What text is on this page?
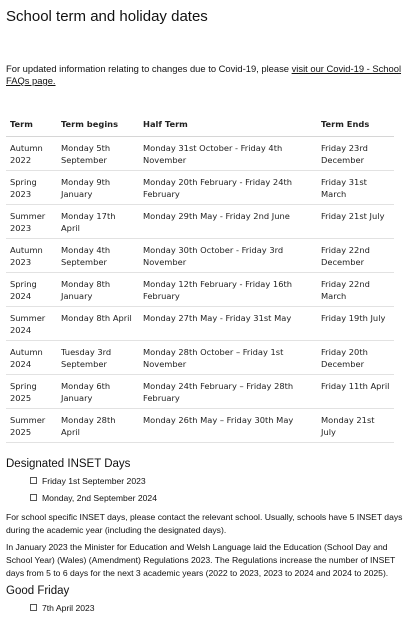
School term and holiday dates
For updated information relating to changes due to Covid-19, please visit our Covid-19 - School FAQs page.
Term	Term begins	Half Term	Term Ends
Autumn 2022	Monday 5th September	Monday 31st October - Friday 4th November	Friday 23rd December
Spring 2023	Monday 9th January	Monday 20th February - Friday 24th February	Friday 31st March
Summer 2023	Monday 17th April	Monday 29th May - Friday 2nd June	Friday 21st July
Autumn 2023	Monday 4th September	Monday 30th October - Friday 3rd November	Friday 22nd December
Spring 2024	Monday 8th January	Monday 12th February - Friday 16th February	Friday 22nd March
Summer 2024	Monday 8th April	Monday 27th May - Friday 31st May	Friday 19th July
Autumn 2024	Tuesday 3rd September	Monday 28th October – Friday 1st November	Friday 20th December
Spring 2025	Monday 6th January	Monday 24th February – Friday 28th February	Friday 11th April
Summer 2025	Monday 28th April	Monday 26th May – Friday 30th May	Monday 21st July
Designated INSET Days
Friday 1st September 2023
Monday, 2nd September 2024

For school specific INSET days, please contact the relevant school. Usually, schools have 5 INSET days during the academic year (including the designated days).

In January 2023 the Minister for Education and Welsh Language laid the Education (School Day and School Year) (Wales) (Amendment) Regulations 2023. The Regulations increase the number of INSET days from 5 to 6 days for the next 3 academic years (2022 to 2023, 2023 to 2024 and 2024 to 2025).

Good Friday
7th April 2023
